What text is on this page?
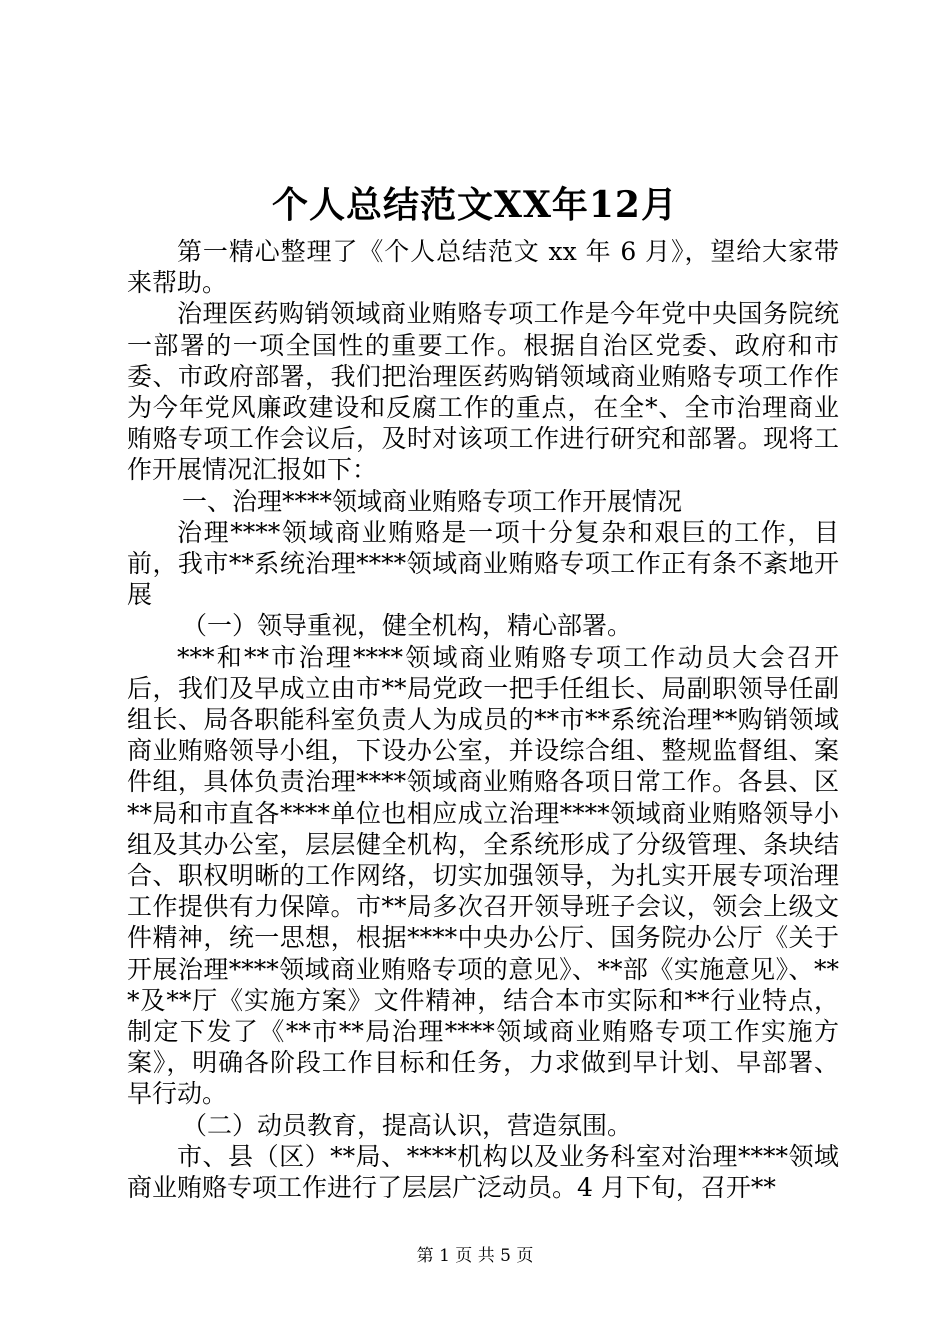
个人总结范文XX年12月

第一精心整理了《个人总结范文 xx 年 6 月》，望给大家带来帮助。

治理医药购销领域商业贿赂专项工作是今年党中央国务院统一部署的一项全国性的重要工作。根据自治区党委、政府和市委、市政府部署，我们把治理医药购销领域商业贿赂专项工作作为今年党风廉政建设和反腐工作的重点，在全*、全市治理商业贿赂专项工作会议后，及时对该项工作进行研究和部署。现将工作开展情况汇报如下：

一、治理****领域商业贿赂专项工作开展情况

治理****领域商业贿赂是一项十分复杂和艰巨的工作，目前，我市**系统治理****领域商业贿赂专项工作正有条不紊地开展

（一）领导重视，健全机构，精心部署。

***和**市治理****领域商业贿赂专项工作动员大会召开后，我们及早成立由市**局党政一把手任组长、局副职领导任副组长、局各职能科室负责人为成员的**市**系统治理**购销领域商业贿赂领导小组，下设办公室，并设综合组、整规监督组、案件组，具体负责治理****领域商业贿赂各项日常工作。各县、区**局和市直各****单位也相应成立治理****领域商业贿赂领导小组及其办公室，层层健全机构，全系统形成了分级管理、条块结合、职权明晰的工作网络，切实加强领导，为扎实开展专项治理工作提供有力保障。市**局多次召开领导班子会议，领会上级文件精神，统一思想，根据****中央办公厅、国务院办公厅《关于开展治理****领域商业贿赂专项的意见》、**部《实施意见》、***及**厅《实施方案》文件精神，结合本市实际和**行业特点，制定下发了《**市**局治理****领域商业贿赂专项工作实施方案》，明确各阶段工作目标和任务，力求做到早计划、早部署、早行动。

（二）动员教育，提高认识，营造氛围。

市、县（区）**局、****机构以及业务科室对治理****领域商业贿赂专项工作进行了层层广泛动员。4 月下旬，召开**

第 1 页 共 5 页
